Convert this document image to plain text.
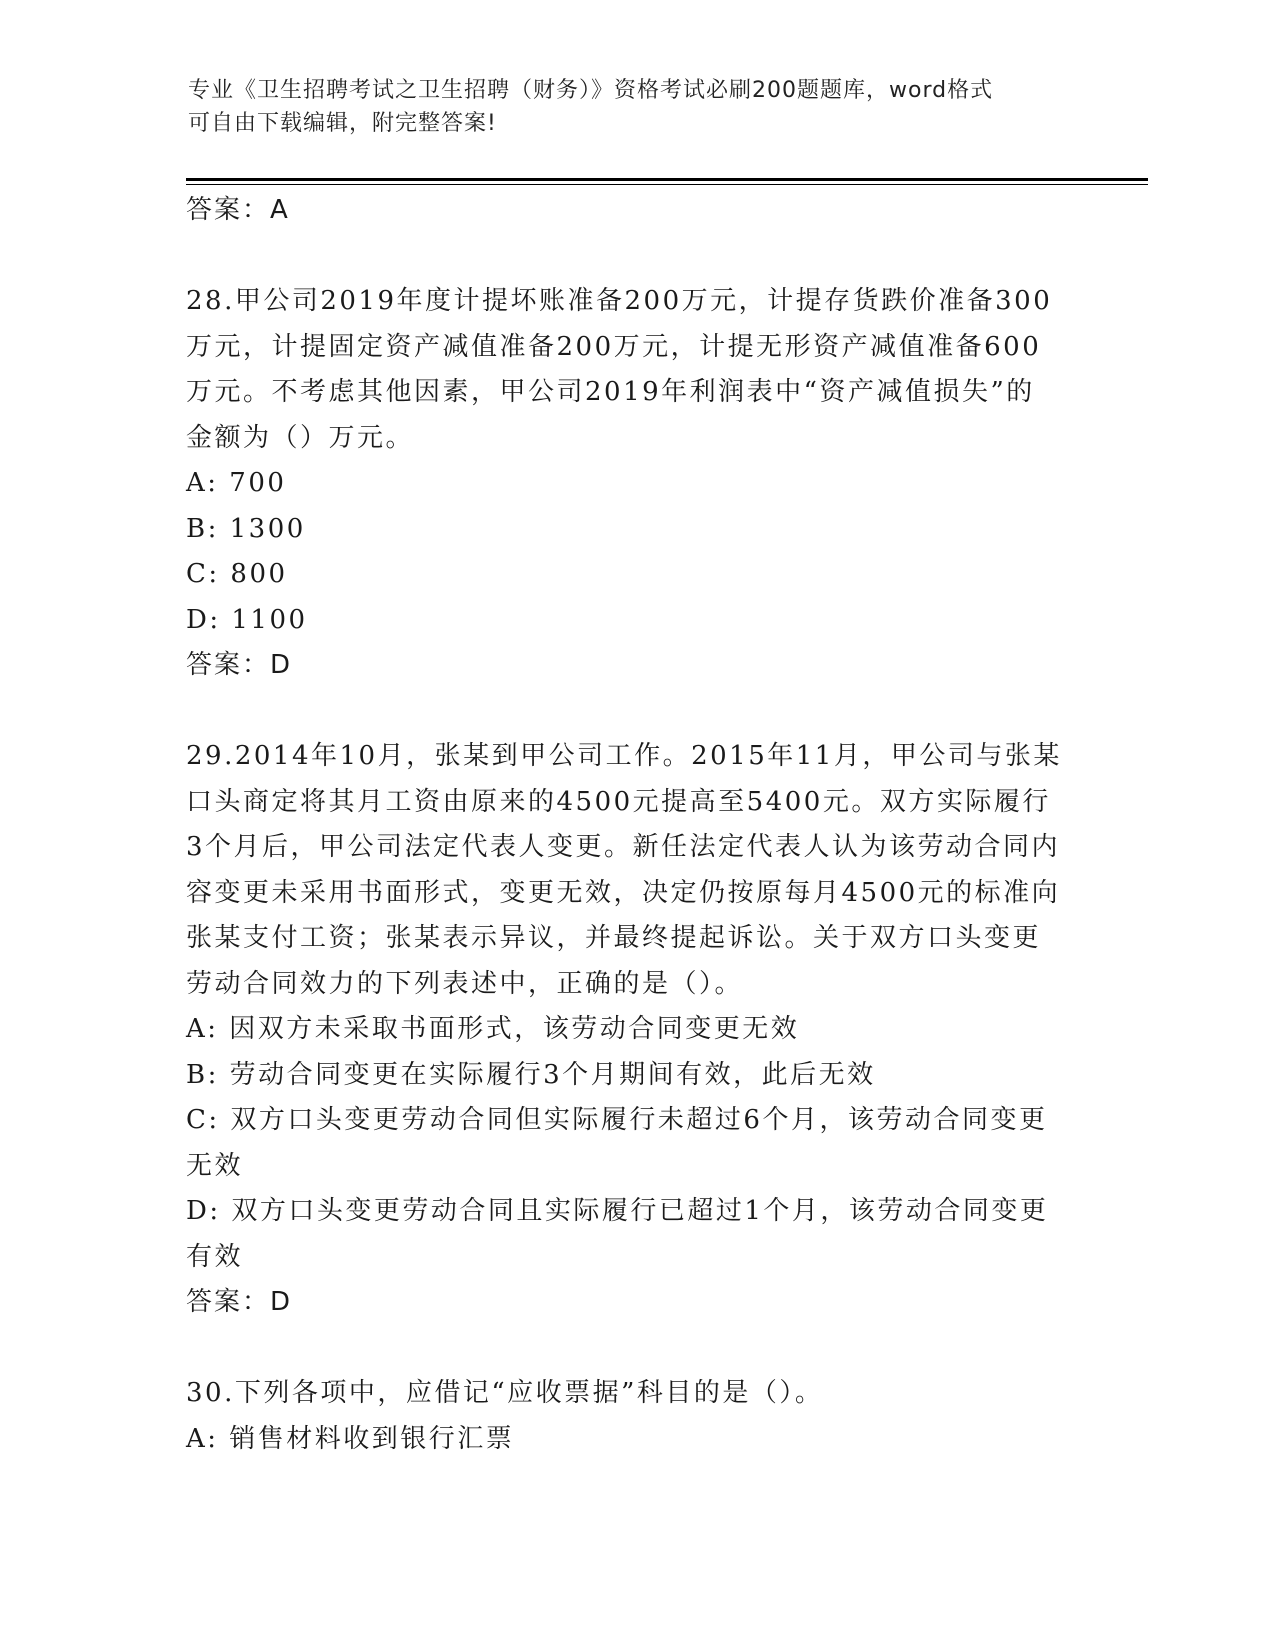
专业《卫生招聘考试之卫生招聘（财务）》资格考试必刷200题题库，word格式
可自由下载编辑，附完整答案!
答案：A
28.甲公司2019年度计提坏账准备200万元，计提存货跌价准备300
万元，计提固定资产减值准备200万元，计提无形资产减值准备600
万元。不考虑其他因素，甲公司2019年利润表中“资产减值损失”的
金额为（）万元。
A: 700
B: 1300
C: 800
D: 1100
答案：D
29.2014年10月，张某到甲公司工作。2015年11月，甲公司与张某
口头商定将其月工资由原来的4500元提高至5400元。双方实际履行
3个月后，甲公司法定代表人变更。新任法定代表人认为该劳动合同内
容变更未采用书面形式，变更无效，决定仍按原每月4500元的标准向
张某支付工资；张某表示异议，并最终提起诉讼。关于双方口头变更
劳动合同效力的下列表述中，正确的是（）。
A: 因双方未采取书面形式，该劳动合同变更无效
B: 劳动合同变更在实际履行3个月期间有效，此后无效
C: 双方口头变更劳动合同但实际履行未超过6个月，该劳动合同变更
无效
D: 双方口头变更劳动合同且实际履行已超过1个月，该劳动合同变更
有效
答案：D
30.下列各项中，应借记“应收票据”科目的是（）。
A: 销售材料收到银行汇票
